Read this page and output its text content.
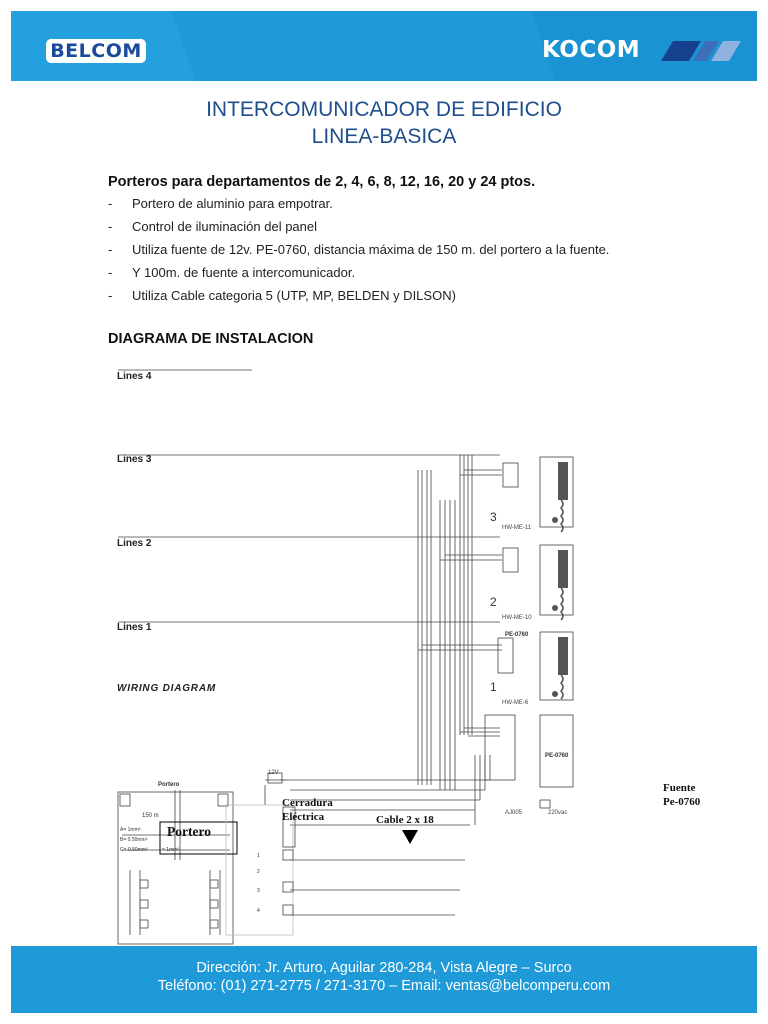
BELCOM	KOCOM
INTERCOMUNICADOR DE EDIFICIO
LINEA-BASICA
Porteros para departamentos de 2, 4, 6, 8, 12, 16, 20 y 24 ptos.
- Portero de aluminio para empotrar.
- Control de iluminación del panel
- Utiliza fuente de 12v. PE-0760, distancia máxima de 150 m. del portero a la fuente.
- Y 100m. de fuente a intercomunicador.
- Utiliza Cable categoria 5 (UTP, MP, BELDEN y DILSON)
DIAGRAMA DE INSTALACION
Lines 4
Lines 3
Lines 2
Lines 1
WIRING DIAGRAM
3
HW-ME-11
2
HW-ME-10
1
HW-ME-6
PE-0760
PE-0760
12V
220vac
AJ005
Portero
150 m
A= 1mm²
B= 0.50mm²
C= 0.50mm²	= 1mm²
Portero
1
2
3
4
Cerradura
Eléctrica	Cable 2 x 18
Fuente
Pe-0760
Dirección: Jr. Arturo, Aguilar 280-284, Vista Alegre – Surco
Teléfono: (01) 271-2775 / 271-3170 – Email: ventas@belcomperu.com
